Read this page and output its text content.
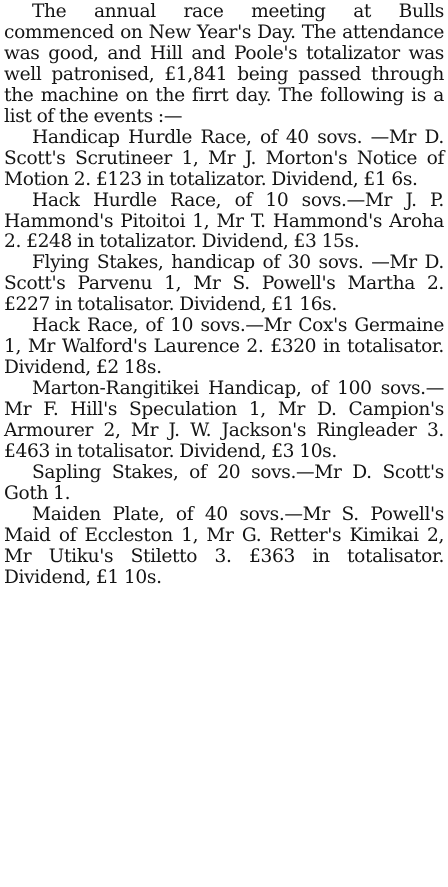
The annual race meeting at Bulls commenced on New Year's Day. The attendance was good, and Hill and Poole's totalizator was well patronised, £1,841 being passed through the machine on the firrt day. The following is a list of the events :—

Handicap Hurdle Race, of 40 sovs. —Mr D. Scott's Scrutineer 1, Mr J. Morton's Notice of Motion 2. £123 in totalizator. Dividend, £1 6s.

Hack Hurdle Race, of 10 sovs.—Mr J. P. Hammond's Pitoitoi 1, Mr T. Hammond's Aroha 2. £248 in totalizator. Dividend, £3 15s.

Flying Stakes, handicap of 30 sovs. —Mr D. Scott's Parvenu 1, Mr S. Powell's Martha 2. £227 in totalisator. Dividend, £1 16s.

Hack Race, of 10 sovs.—Mr Cox's Germaine 1, Mr Walford's Laurence 2. £320 in totalisator. Dividend, £2 18s.

Marton-Rangitikei Handicap, of 100 sovs.—Mr F. Hill's Speculation 1, Mr D. Campion's Armourer 2, Mr J. W. Jackson's Ringleader 3. £463 in totalisator. Dividend, £3 10s.

Sapling Stakes, of 20 sovs.—Mr D. Scott's Goth 1.

Maiden Plate, of 40 sovs.—Mr S. Powell's Maid of Eccleston 1, Mr G. Retter's Kimikai 2, Mr Utiku's Stiletto 3. £363 in totalisator. Dividend, £1 10s.
